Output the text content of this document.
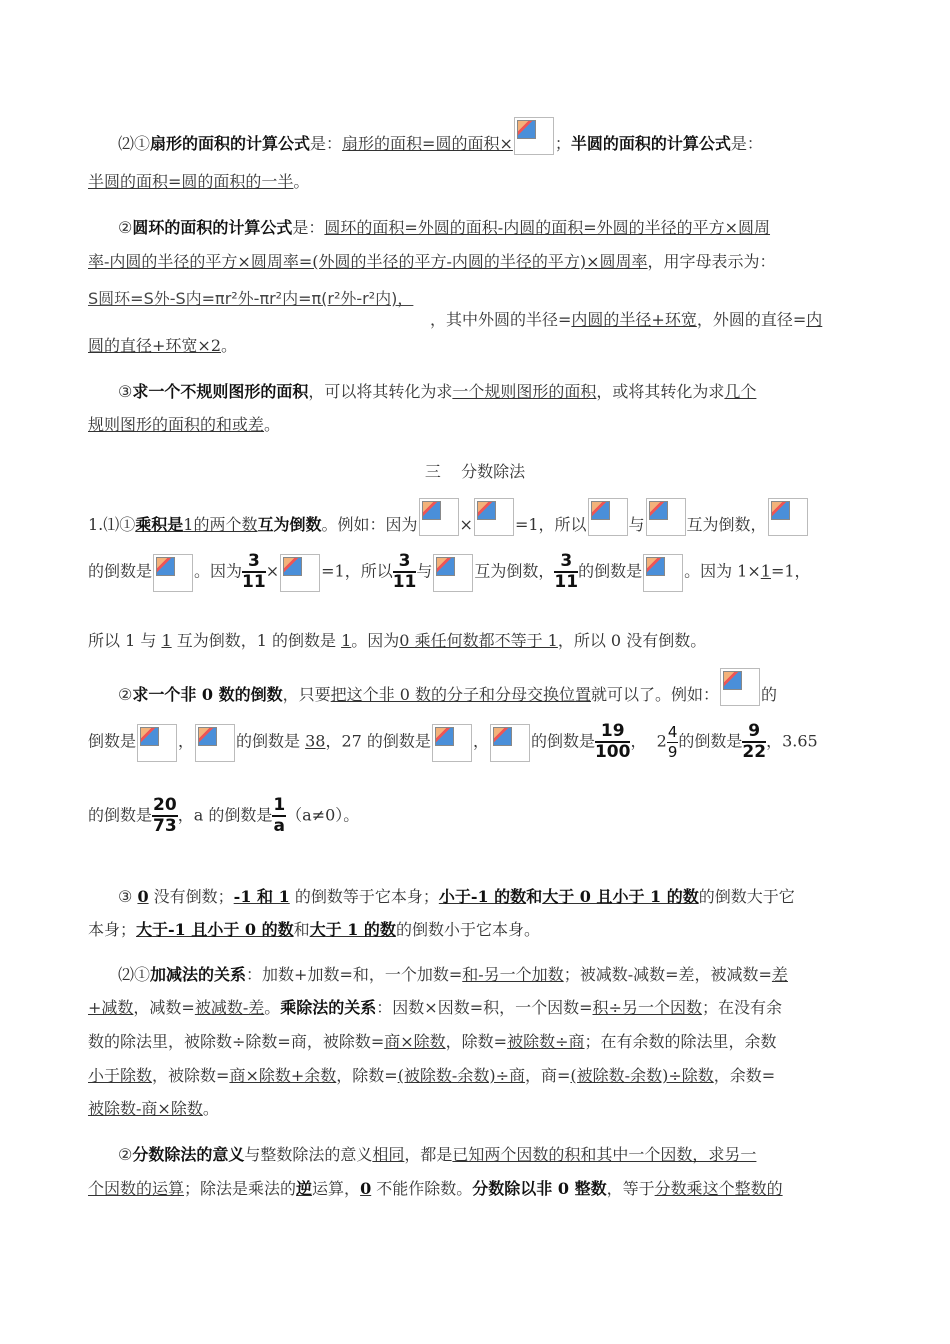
⑵①扇形的面积的计算公式是：扇形的面积=圆的面积×	；半圆的面积的计算公式是：
半圆的面积=圆的面积的一半。
②圆环的面积的计算公式是：圆环的面积=外圆的面积-内圆的面积=外圆的半径的平方×圆周
率-内圆的半径的平方×圆周率=(外圆的半径的平方-内圆的半径的平方)×圆周率，用字母表示为：
S圆环=S外-S内=πr²外-πr²内=π(r²外-r²内)，
，其中外圆的半径=内圆的半径+环宽，外圆的直径=内
圆的直径+环宽×2。
③求一个不规则图形的面积，可以将其转化为求一个规则图形的面积，或将其转化为求几个
规则图形的面积的和或差。
三    分数除法
1.⑴①乘积是1的两个数互为倒数。例如：因为	×	=1，所以	与	互为倒数，
的倒数是	。因为 $\frac{3}{11}$ ×	=1，所以 $\frac{3}{11}$ 与	互为倒数， $\frac{3}{11}$ 的倒数是	。因为 1×1=1，
所以 1 与 1 互为倒数，1 的倒数是 1。因为0 乘任何数都不等于 1，所以 0 没有倒数。
②求一个非 0 数的倒数，只要把这个非 0 数的分子和分母交换位置就可以了。例如：	的
倒数是	，	的倒数是 38，27 的倒数是	，	的倒数是 $\frac{19}{100}$ ，  $2 \frac{4}{9}$ 的倒数是 $\frac{9}{22}$ ，3.65
的倒数是 $\frac{20}{73}$ ，a 的倒数是 $\frac{1}{a} (a\ne 0)$。
③ 0 没有倒数；-1 和 1 的倒数等于它本身；小于-1 的数和大于 0 且小于 1 的数的倒数大于它
本身；大于-1 且小于 0 的数和大于 1 的数的倒数小于它本身。
⑵①加减法的关系：加数+加数=和，一个加数=和-另一个加数；被减数-减数=差，被减数=差
+减数，减数=被减数-差。乘除法的关系：因数×因数=积，一个因数=积÷另一个因数；在没有余
数的除法里，被除数÷除数=商，被除数=商×除数，除数=被除数÷商；在有余数的除法里，余数
小于除数，被除数=商×除数+余数，除数=(被除数-余数)÷商，商=(被除数-余数)÷除数，余数=
被除数-商×除数。
②分数除法的意义与整数除法的意义相同，都是已知两个因数的积和其中一个因数，求另一
个因数的运算；除法是乘法的逆运算，0 不能作除数。分数除以非 0 整数，等于分数乘这个整数的
